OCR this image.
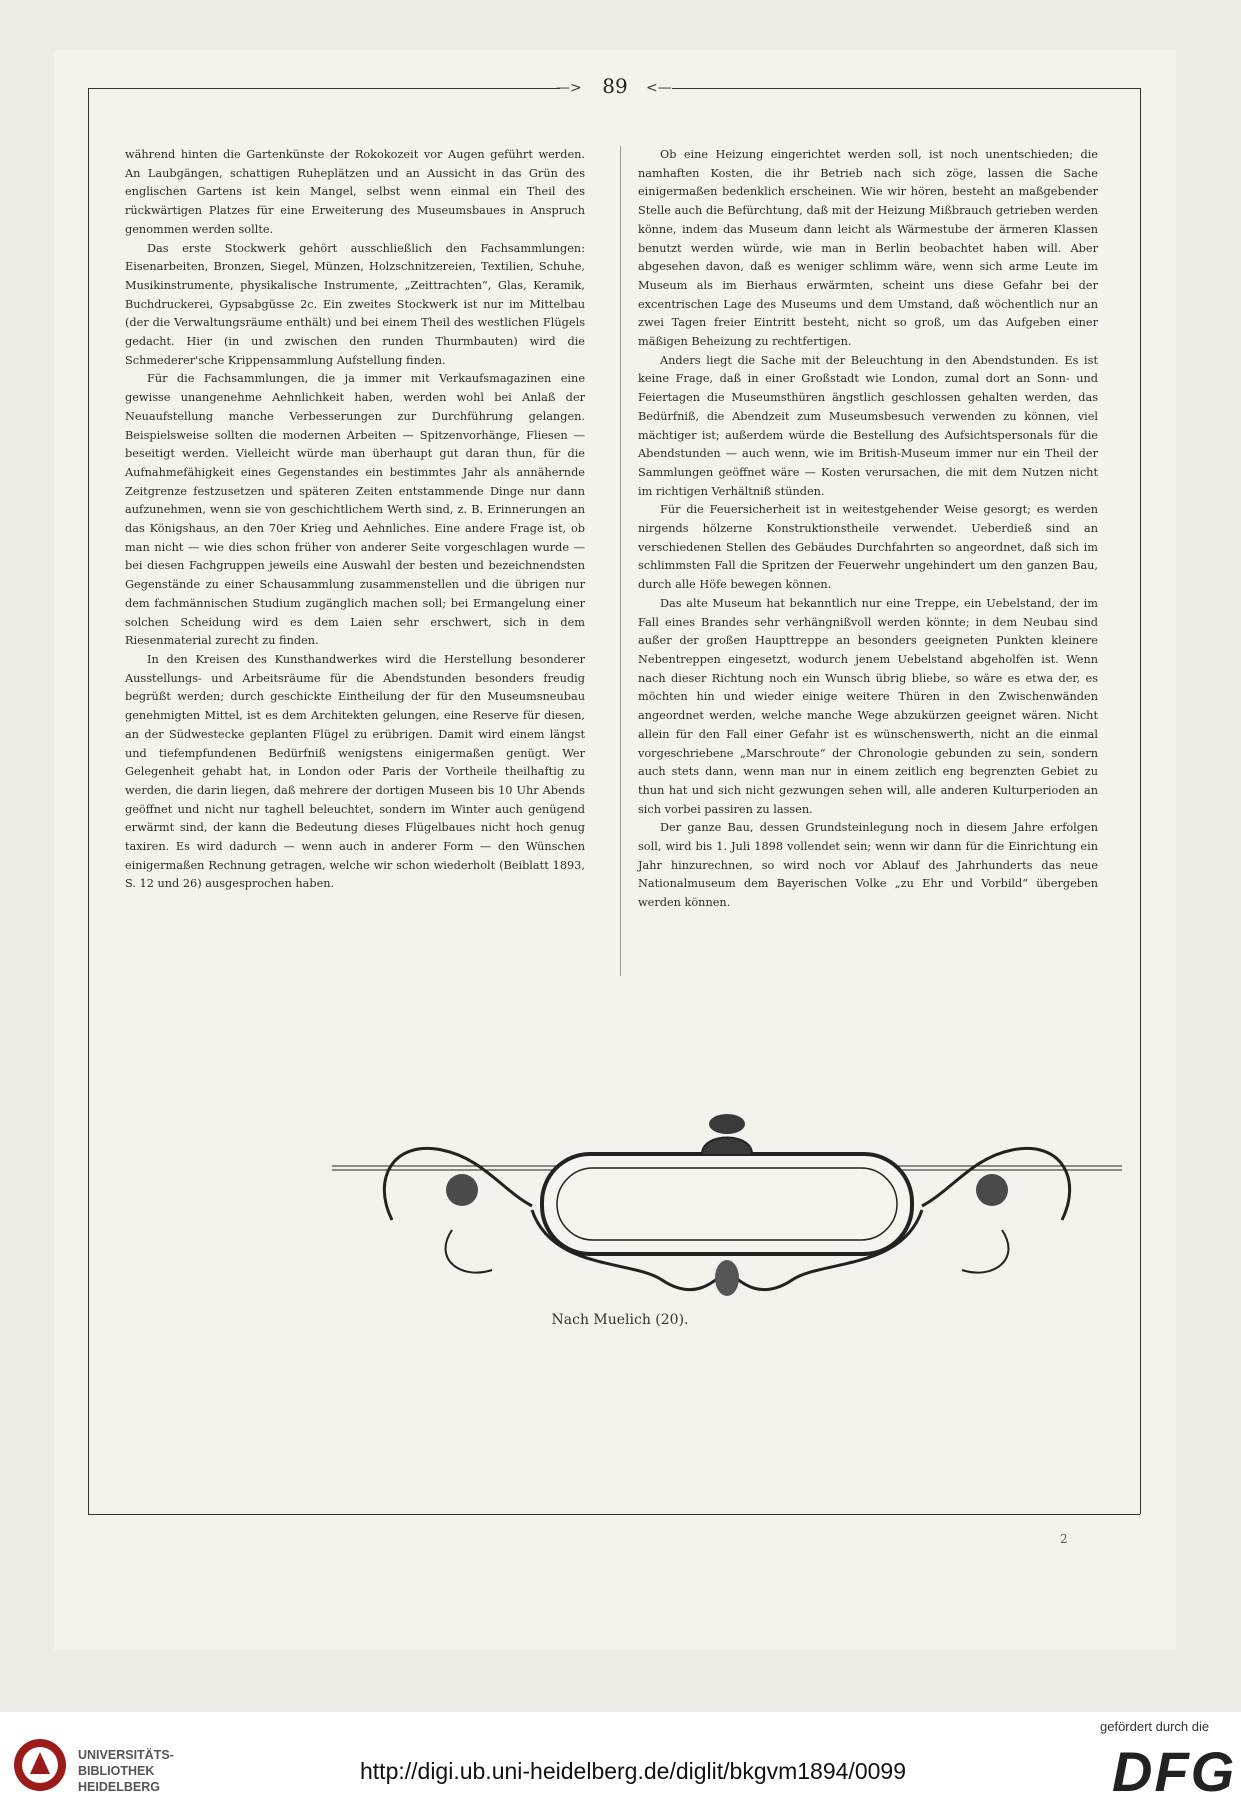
—>	<—
89

während hinten die Gartenkünste der Rokokozeit vor Augen geführt werden. An Laubgängen, schattigen Ruheplätzen und an Aussicht in das Grün des englischen Gartens ist kein Mangel, selbst wenn einmal ein Theil des rückwärtigen Platzes für eine Erweiterung des Museumsbaues in Anspruch genommen werden sollte.

Das erste Stockwerk gehört ausschließlich den Fachsammlungen: Eisenarbeiten, Bronzen, Siegel, Münzen, Holzschnitzereien, Textilien, Schuhe, Musikinstrumente, physikalische Instrumente, „Zeittrachten“, Glas, Keramik, Buchdruckerei, Gypsabgüsse 2c. Ein zweites Stockwerk ist nur im Mittelbau (der die Verwaltungsräume enthält) und bei einem Theil des westlichen Flügels gedacht. Hier (in und zwischen den runden Thurmbauten) wird die Schmederer'sche Krippensammlung Aufstellung finden.

Für die Fachsammlungen, die ja immer mit Verkaufsmagazinen eine gewisse unangenehme Aehnlichkeit haben, werden wohl bei Anlaß der Neuaufstellung manche Verbesserungen zur Durchführung gelangen. Beispielsweise sollten die modernen Arbeiten — Spitzenvorhänge, Fliesen — beseitigt werden. Vielleicht würde man überhaupt gut daran thun, für die Aufnahmefähigkeit eines Gegenstandes ein bestimmtes Jahr als annähernde Zeitgrenze festzusetzen und späteren Zeiten entstammende Dinge nur dann aufzunehmen, wenn sie von geschichtlichem Werth sind, z. B. Erinnerungen an das Königshaus, an den 70er Krieg und Aehnliches. Eine andere Frage ist, ob man nicht — wie dies schon früher von anderer Seite vorgeschlagen wurde — bei diesen Fachgruppen jeweils eine Auswahl der besten und bezeichnendsten Gegenstände zu einer Schausammlung zusammenstellen und die übrigen nur dem fachmännischen Studium zugänglich machen soll; bei Ermangelung einer solchen Scheidung wird es dem Laien sehr erschwert, sich in dem Riesenmaterial zurecht zu finden.

In den Kreisen des Kunsthandwerkes wird die Herstellung besonderer Ausstellungs- und Arbeitsräume für die Abendstunden besonders freudig begrüßt werden; durch geschickte Eintheilung der für den Museumsneubau genehmigten Mittel, ist es dem Architekten gelungen, eine Reserve für diesen, an der Südwestecke geplanten Flügel zu erübrigen. Damit wird einem längst und tiefempfundenen Bedürfniß wenigstens einigermaßen genügt. Wer Gelegenheit gehabt hat, in London oder Paris der Vortheile theilhaftig zu werden, die darin liegen, daß mehrere der dortigen Museen bis 10 Uhr Abends geöffnet und nicht nur taghell beleuchtet, sondern im Winter auch genügend erwärmt sind, der kann die Bedeutung dieses Flügelbaues nicht hoch genug taxiren. Es wird dadurch — wenn auch in anderer Form — den Wünschen einigermaßen Rechnung getragen, welche wir schon wiederholt (Beiblatt 1893, S. 12 und 26) ausgesprochen haben.

Ob eine Heizung eingerichtet werden soll, ist noch unentschieden; die namhaften Kosten, die ihr Betrieb nach sich zöge, lassen die Sache einigermaßen bedenklich erscheinen. Wie wir hören, besteht an maßgebender Stelle auch die Befürchtung, daß mit der Heizung Mißbrauch getrieben werden könne, indem das Museum dann leicht als Wärmestube der ärmeren Klassen benutzt werden würde, wie man in Berlin beobachtet haben will. Aber abgesehen davon, daß es weniger schlimm wäre, wenn sich arme Leute im Museum als im Bierhaus erwärmten, scheint uns diese Gefahr bei der excentrischen Lage des Museums und dem Umstand, daß wöchentlich nur an zwei Tagen freier Eintritt besteht, nicht so groß, um das Aufgeben einer mäßigen Beheizung zu rechtfertigen.

Anders liegt die Sache mit der Beleuchtung in den Abendstunden. Es ist keine Frage, daß in einer Großstadt wie London, zumal dort an Sonn- und Feiertagen die Museumsthüren ängstlich geschlossen gehalten werden, das Bedürfniß, die Abendzeit zum Museumsbesuch verwenden zu können, viel mächtiger ist; außerdem würde die Bestellung des Aufsichtspersonals für die Abendstunden — auch wenn, wie im British-Museum immer nur ein Theil der Sammlungen geöffnet wäre — Kosten verursachen, die mit dem Nutzen nicht im richtigen Verhältniß stünden.

Für die Feuersicherheit ist in weitestgehender Weise gesorgt; es werden nirgends hölzerne Konstruktionstheile verwendet. Ueberdieß sind an verschiedenen Stellen des Gebäudes Durchfahrten so angeordnet, daß sich im schlimmsten Fall die Spritzen der Feuerwehr ungehindert um den ganzen Bau, durch alle Höfe bewegen können.

Das alte Museum hat bekanntlich nur eine Treppe, ein Uebelstand, der im Fall eines Brandes sehr verhängnißvoll werden könnte; in dem Neubau sind außer der großen Haupttreppe an besonders geeigneten Punkten kleinere Nebentreppen eingesetzt, wodurch jenem Uebelstand abgeholfen ist. Wenn nach dieser Richtung noch ein Wunsch übrig bliebe, so wäre es etwa der, es möchten hin und wieder einige weitere Thüren in den Zwischenwänden angeordnet werden, welche manche Wege abzukürzen geeignet wären. Nicht allein für den Fall einer Gefahr ist es wünschenswerth, nicht an die einmal vorgeschriebene „Marschroute“ der Chronologie gebunden zu sein, sondern auch stets dann, wenn man nur in einem zeitlich eng begrenzten Gebiet zu thun hat und sich nicht gezwungen sehen will, alle anderen Kulturperioden an sich vorbei passiren zu lassen.

Der ganze Bau, dessen Grundsteinlegung noch in diesem Jahre erfolgen soll, wird bis 1. Juli 1898 vollendet sein; wenn wir dann für die Einrichtung ein Jahr hinzurechnen, so wird noch vor Ablauf des Jahrhunderts das neue Nationalmuseum dem Bayerischen Volke „zu Ehr und Vorbild“ übergeben werden können.

Nach Muelich (20).
2
UNIVERSITÄTS-
BIBLIOTHEK
HEIDELBERG
http://digi.ub.uni-heidelberg.de/diglit/bkgvm1894/0099
gefördert durch die
DFG
